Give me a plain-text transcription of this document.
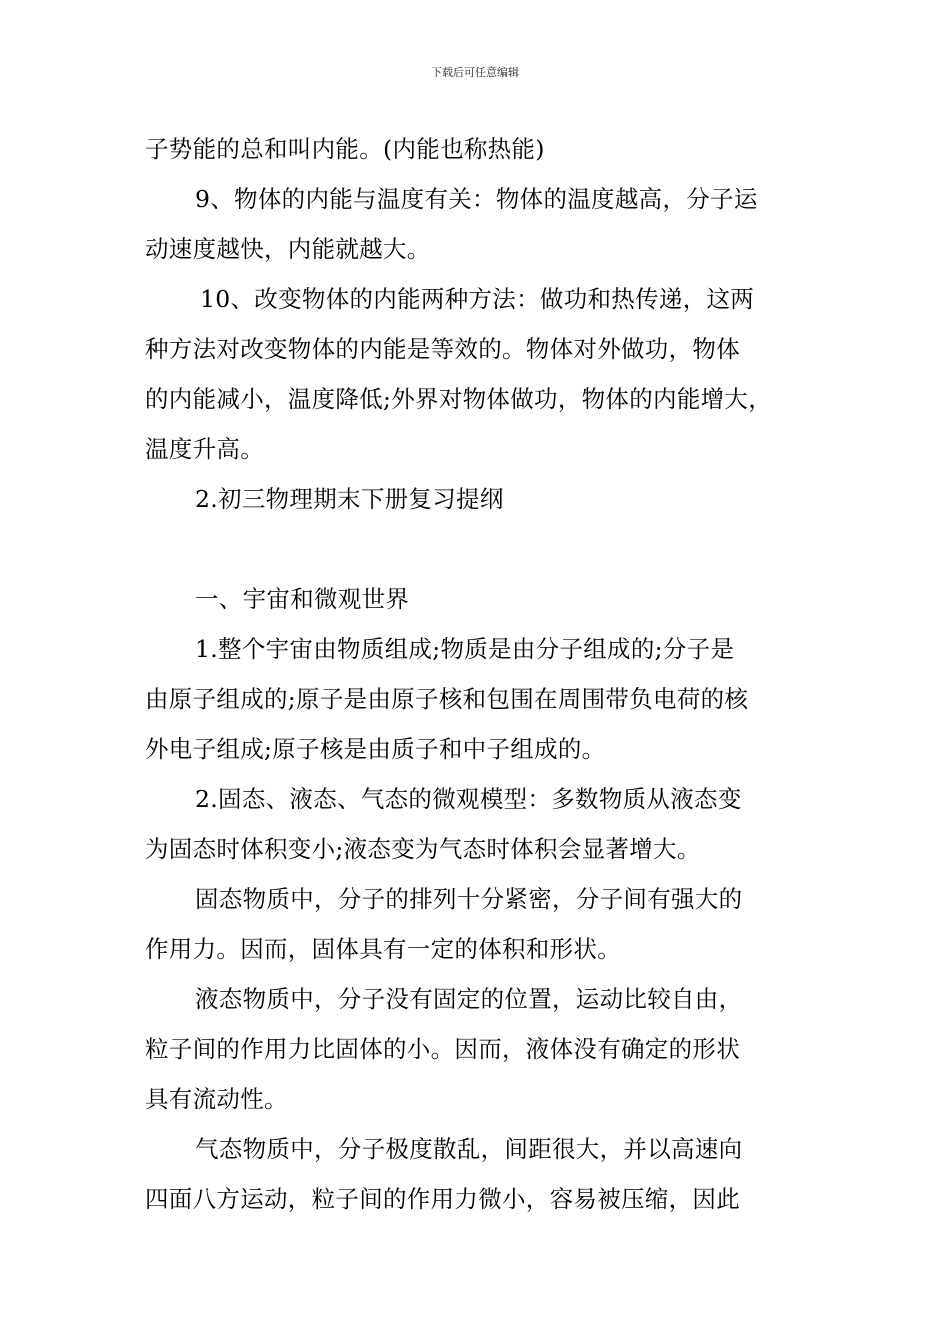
下载后可任意编辑
子势能的总和叫内能。(内能也称热能)
9、物体的内能与温度有关：物体的温度越高，分子运
动速度越快，内能就越大。
10、改变物体的内能两种方法：做功和热传递，这两
种方法对改变物体的内能是等效的。物体对外做功，物体
的内能减小，温度降低;外界对物体做功，物体的内能增大，
温度升高。
2.初三物理期末下册复习提纲
一、宇宙和微观世界
1.整个宇宙由物质组成;物质是由分子组成的;分子是
由原子组成的;原子是由原子核和包围在周围带负电荷的核
外电子组成;原子核是由质子和中子组成的。
2.固态、液态、气态的微观模型：多数物质从液态变
为固态时体积变小;液态变为气态时体积会显著增大。
固态物质中，分子的排列十分紧密，分子间有强大的
作用力。因而，固体具有一定的体积和形状。
液态物质中，分子没有固定的位置，运动比较自由，
粒子间的作用力比固体的小。因而，液体没有确定的形状
具有流动性。
气态物质中，分子极度散乱，间距很大，并以高速向
四面八方运动，粒子间的作用力微小，容易被压缩，因此
